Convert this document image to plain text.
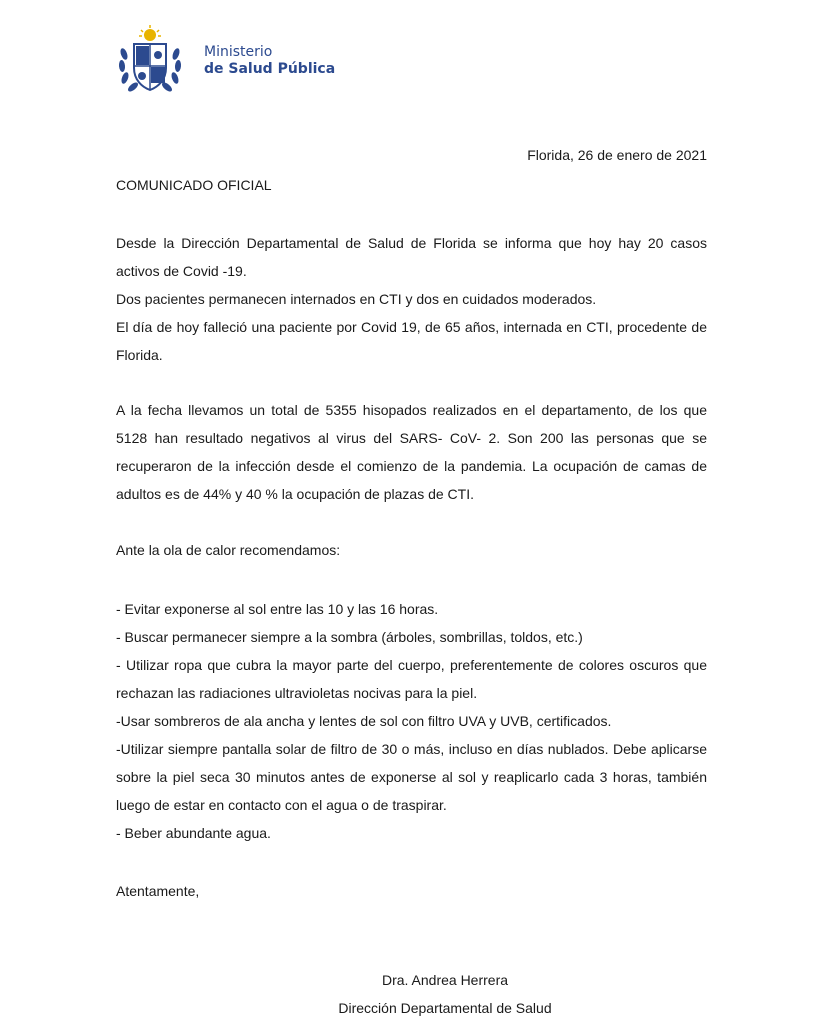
Ministerio
de Salud Pública
Florida, 26 de enero de 2021
COMUNICADO OFICIAL
Desde la Dirección Departamental de Salud de Florida se informa que hoy hay 20 casos
activos de Covid -19.
Dos pacientes permanecen internados en CTI y dos en cuidados moderados.
El día de hoy falleció una paciente por Covid 19, de 65 años, internada en CTI, procedente de
Florida.
A la fecha llevamos un total de 5355 hisopados realizados en el departamento, de los que
5128 han resultado negativos al virus del SARS- CoV- 2. Son 200 las personas que se
recuperaron de la infección desde el comienzo de la pandemia. La ocupación de camas de
adultos es de 44% y 40 % la ocupación de plazas de CTI.
Ante la ola de calor recomendamos:
- Evitar exponerse al sol entre las 10 y las 16 horas.
- Buscar permanecer siempre a la sombra (árboles, sombrillas, toldos, etc.)
- Utilizar ropa que cubra la mayor parte del cuerpo, preferentemente de colores oscuros que
rechazan las radiaciones ultravioletas nocivas para la piel.
-Usar sombreros de ala ancha y lentes de sol con filtro UVA y UVB, certificados.
-Utilizar siempre pantalla solar de filtro de 30 o más, incluso en días nublados. Debe aplicarse
sobre la piel seca 30 minutos antes de exponerse al sol y reaplicarlo cada 3 horas, también
luego de estar en contacto con el agua o de traspirar.
- Beber abundante agua.
Atentamente,
Dra. Andrea Herrera
Dirección Departamental de Salud
